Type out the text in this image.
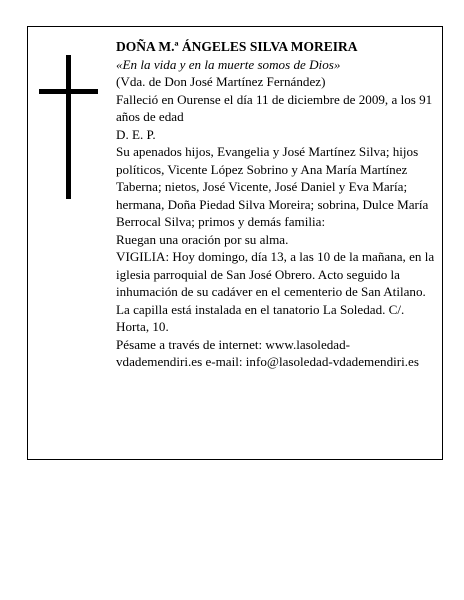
DOÑA M.ª ÁNGELES SILVA MOREIRA

«En la vida y en la muerte somos de Dios»

(Vda. de Don José Martínez Fernández)

Falleció en Ourense el día 11 de diciembre de 2009, a los 91 años de edad

D. E. P.

Su apenados hijos, Evangelia y José Martínez Silva; hijos políticos, Vicente López Sobrino y Ana María Martínez Taberna; nietos, José Vicente, José Daniel y Eva María; hermana, Doña Piedad Silva Moreira; sobrina, Dulce María Berrocal Silva; primos y demás familia:

Ruegan una oración por su alma.

VIGILIA: Hoy domingo, día 13, a las 10 de la mañana, en la iglesia parroquial de San José Obrero. Acto seguido la inhumación de su cadáver en el cementerio de San Atilano.

La capilla está instalada en el tanatorio La Soledad. C/. Horta, 10.

Pésame a través de internet: www.lasoledad-vdademendiri.es e-mail: info@lasoledad-vdademendiri.es
